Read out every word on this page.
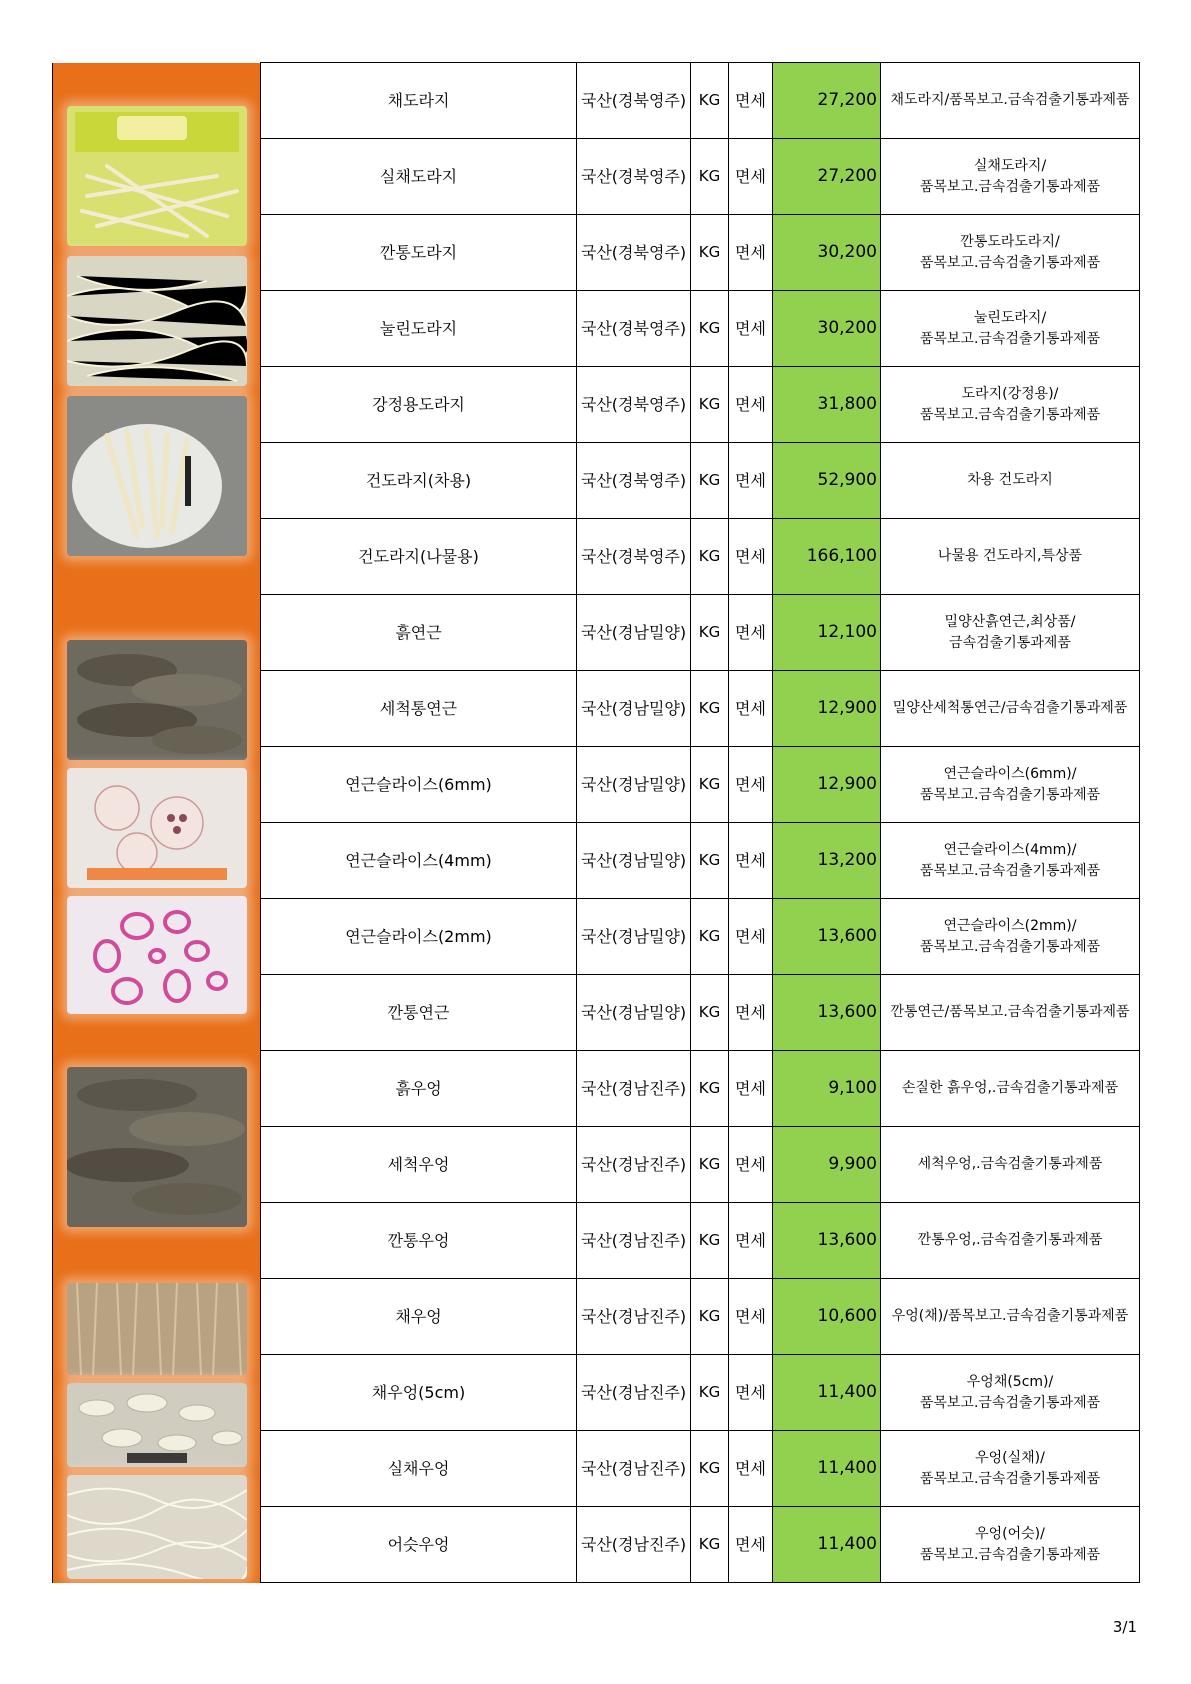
	채도라지	국산(경북영주)	KG	면세	27,200	채도라지/품목보고.금속검출기통과제품

	실채도라지	국산(경북영주)	KG	면세	27,200	실채도라지/
품목보고.금속검출기통과제품

	깐통도라지	국산(경북영주)	KG	면세	30,200	깐통도라도라지/
품목보고.금속검출기통과제품

	눌린도라지	국산(경북영주)	KG	면세	30,200	눌린도라지/
품목보고.금속검출기통과제품

	강정용도라지	국산(경북영주)	KG	면세	31,800	도라지(강정용)/
품목보고.금속검출기통과제품

	건도라지(차용)	국산(경북영주)	KG	면세	52,900	차용 건도라지

	건도라지(나물용)	국산(경북영주)	KG	면세	166,100	나물용 건도라지,특상품

	흙연근	국산(경남밀양)	KG	면세	12,100	밀양산흙연근,최상품/
금속검출기통과제품

	세척통연근	국산(경남밀양)	KG	면세	12,900	밀양산세척통연근/금속검출기통과제품

	연근슬라이스(6mm)	국산(경남밀양)	KG	면세	12,900	연근슬라이스(6mm)/
품목보고.금속검출기통과제품

	연근슬라이스(4mm)	국산(경남밀양)	KG	면세	13,200	연근슬라이스(4mm)/
품목보고.금속검출기통과제품

	연근슬라이스(2mm)	국산(경남밀양)	KG	면세	13,600	연근슬라이스(2mm)/
품목보고.금속검출기통과제품

	깐통연근	국산(경남밀양)	KG	면세	13,600	깐통연근/품목보고.금속검출기통과제품

	흙우엉	국산(경남진주)	KG	면세	9,100	손질한 흙우엉,.금속검출기통과제품

	세척우엉	국산(경남진주)	KG	면세	9,900	세척우엉,.금속검출기통과제품

	깐통우엉	국산(경남진주)	KG	면세	13,600	깐통우엉,.금속검출기통과제품

	채우엉	국산(경남진주)	KG	면세	10,600	우엉(채)/품목보고.금속검출기통과제품

	채우엉(5cm)	국산(경남진주)	KG	면세	11,400	우엉채(5cm)/
품목보고.금속검출기통과제품

	실채우엉	국산(경남진주)	KG	면세	11,400	우엉(실채)/
품목보고.금속검출기통과제품

	어슷우엉	국산(경남진주)	KG	면세	11,400	우엉(어슷)/
품목보고.금속검출기통과제품
3/1
